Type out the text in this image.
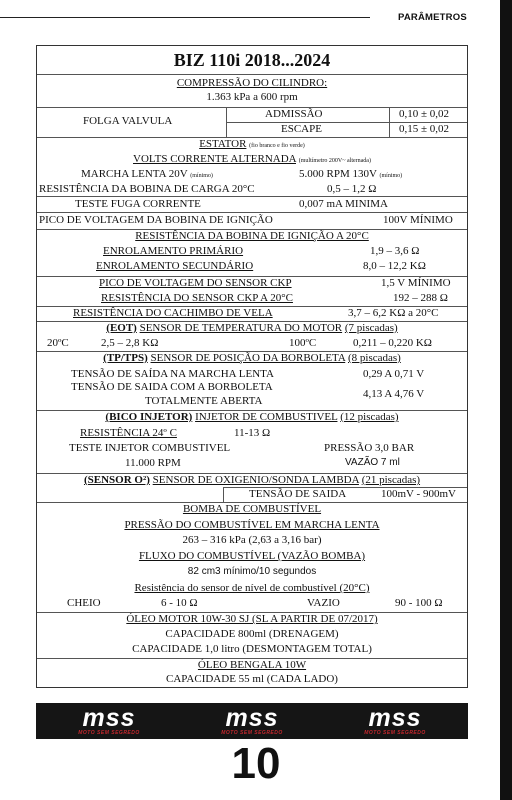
PARÂMETROS
BIZ 110i 2018...2024
COMPRESSÃO DO CILINDRO:
1.363 kPa a 600 rpm
FOLGA VALVULA
ADMISSÃO	0,10 ± 0,02
ESCAPE	0,15 ± 0,02
ESTATOR (fio branco e fio verde)
VOLTS CORRENTE ALTERNADA (multímetro 200V~ alternada)
MARCHA LENTA 20V (mínimo)	5.000 RPM 130V (mínimo)
RESISTÊNCIA DA BOBINA DE CARGA 20°C	0,5 – 1,2 Ω
TESTE FUGA CORRENTE	0,007 mA MINIMA
PICO DE VOLTAGEM DA BOBINA DE IGNIÇÃO	100V MÍNIMO
RESISTÊNCIA DA BOBINA DE IGNIÇÃO A 20°C
ENROLAMENTO PRIMÁRIO	1,9 – 3,6 Ω
ENROLAMENTO SECUNDÁRIO	8,0 – 12,2 KΩ
PICO DE VOLTAGEM DO SENSOR CKP	1,5 V MÍNIMO
RESISTÊNCIA DO SENSOR CKP A 20°C	192 – 288 Ω
RESISTÊNCIA DO CACHIMBO DE VELA	3,7 – 6,2 KΩ a 20°C
(EOT) SENSOR DE TEMPERATURA DO MOTOR (7 piscadas)
20ºC	2,5 – 2,8 KΩ	100ºC	0,211 – 0,220 KΩ
(TP/TPS) SENSOR DE POSIÇÃO DA BORBOLETA (8 piscadas)
TENSÃO DE SAÍDA NA MARCHA LENTA	0,29 A 0,71 V
TENSÃO DE SAIDA COM A BORBOLETA
4,13 A 4,76 V
TOTALMENTE ABERTA
(BICO INJETOR) INJETOR DE COMBUSTIVEL (12 piscadas)
RESISTÊNCIA 24º C	11-13 Ω
TESTE INJETOR COMBUSTIVEL	PRESSÃO 3,0 BAR
11.000 RPM	VAZÃO 7 ml
(SENSOR O²) SENSOR DE OXIGENIO/SONDA LAMBDA (21 piscadas)
TENSÃO DE SAIDA	100mV - 900mV
BOMBA DE COMBUSTÍVEL
PRESSÃO DO COMBUSTÍVEL EM MARCHA LENTA
263 – 316 kPa (2,63 a 3,16 bar)
FLUXO DO COMBUSTÍVEL (VAZÃO BOMBA)
82 cm3 mínimo/10 segundos
Resistência do sensor de nível de combustível (20°C)
CHEIO	6 - 10 Ω	VAZIO	90 - 100 Ω
ÓLEO MOTOR 10W-30 SJ (SL A PARTIR DE 07/2017)
CAPACIDADE 800ml (DRENAGEM)
CAPACIDADE 1,0 litro (DESMONTAGEM TOTAL)
ÓLEO BENGALA 10W
CAPACIDADE 55 ml (CADA LADO)
mss
MOTO SEM SEGREDO
mss
MOTO SEM SEGREDO
mss
MOTO SEM SEGREDO
10
